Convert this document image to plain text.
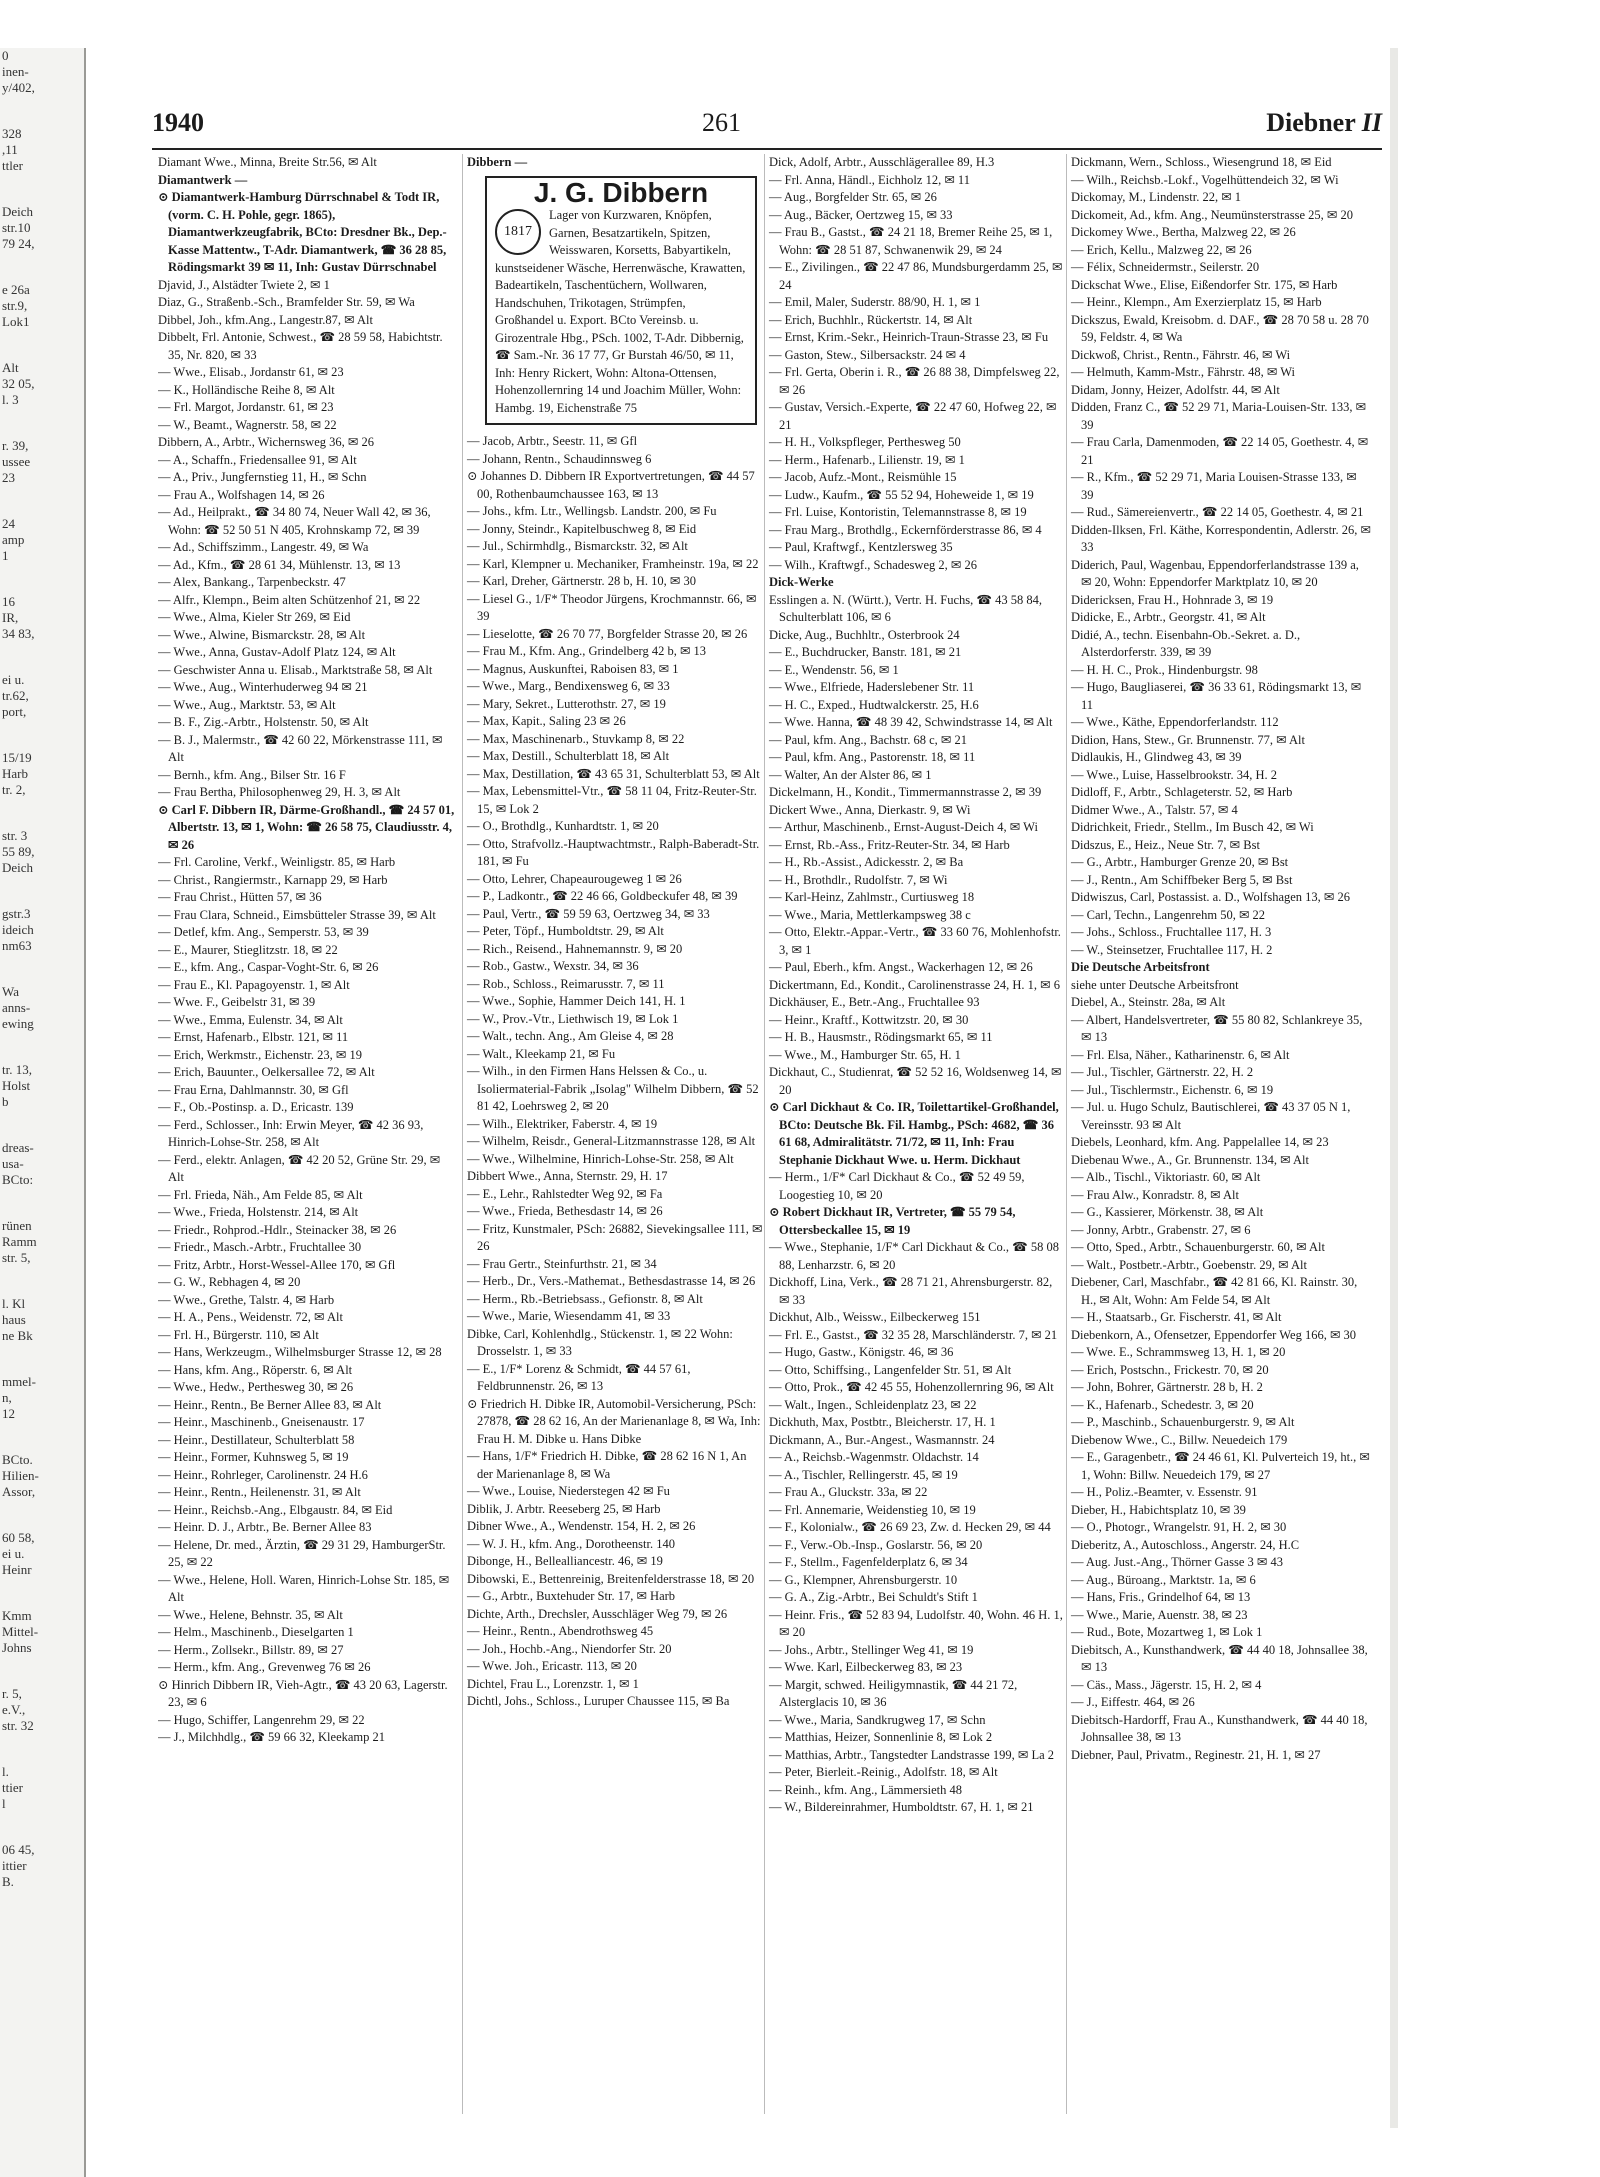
0
inen-
y/402,
328
,11
ttler
Deich
str.10
79 24,
e 26a
str.9,
Lok1
Alt
32 05,
l. 3
r. 39,
ussee
23
24
amp
1
16
IR,
34 83,
ei u.
tr.62,
port,
15/19
Harb
tr. 2,
str. 3
55 89,
Deich
gstr.3
ideich
nm63
Wa
anns-
ewing
tr. 13,
Holst
b
dreas-
usa-
BCto:
rünen
Ramm
str. 5,
l. Kl
haus
ne Bk
mmel-
n,
12
BCto.
Hilien-
Assor,
60 58,
ei u.
Heinr
Kmm
Mittel-
Johns
r. 5,
e.V.,
str. 32
l.
ttier
l
06 45,
ittier
B.
1940	261	Diebner II

Diamant Wwe., Minna, Breite Str.56, ✉ Alt

Diamantwerk —

⊙ Diamantwerk-Hamburg Dürrschnabel & Todt IR, (vorm. C. H. Pohle, gegr. 1865), Diamantwerkzeugfabrik, BCto: Dresdner Bk., Dep.-Kasse Mattentw., T-Adr. Diamantwerk, ☎ 36 28 85, Rödingsmarkt 39 ✉ 11, Inh: Gustav Dürrschnabel

Djavid, J., Alstädter Twiete 2, ✉ 1

Diaz, G., Straßenb.-Sch., Bramfelder Str. 59, ✉ Wa

Dibbel, Joh., kfm.Ang., Langestr.87, ✉ Alt

Dibbelt, Frl. Antonie, Schwest., ☎ 28 59 58, Habichtstr. 35, Nr. 820, ✉ 33

— Wwe., Elisab., Jordanstr 61, ✉ 23

— K., Holländische Reihe 8, ✉ Alt

— Frl. Margot, Jordanstr. 61, ✉ 23

— W., Beamt., Wagnerstr. 58, ✉ 22

Dibbern, A., Arbtr., Wichernsweg 36, ✉ 26

— A., Schaffn., Friedensallee 91, ✉ Alt

— A., Priv., Jungfernstieg 11, H., ✉ Schn

— Frau A., Wolfshagen 14, ✉ 26

— Ad., Heilprakt., ☎ 34 80 74, Neuer Wall 42, ✉ 36, Wohn: ☎ 52 50 51 N 405, Krohnskamp 72, ✉ 39

— Ad., Schiffszimm., Langestr. 49, ✉ Wa

— Ad., Kfm., ☎ 28 61 34, Mühlenstr. 13, ✉ 13

— Alex, Bankang., Tarpenbeckstr. 47

— Alfr., Klempn., Beim alten Schützenhof 21, ✉ 22

— Wwe., Alma, Kieler Str 269, ✉ Eid

— Wwe., Alwine, Bismarckstr. 28, ✉ Alt

— Wwe., Anna, Gustav-Adolf Platz 124, ✉ Alt

— Geschwister Anna u. Elisab., Marktstraße 58, ✉ Alt

— Wwe., Aug., Winterhuderweg 94 ✉ 21

— Wwe., Aug., Marktstr. 53, ✉ Alt

— B. F., Zig.-Arbtr., Holstenstr. 50, ✉ Alt

— B. J., Malermstr., ☎ 42 60 22, Mörkenstrasse 111, ✉ Alt

— Bernh., kfm. Ang., Bilser Str. 16 F

— Frau Bertha, Philosophenweg 29, H. 3, ✉ Alt

⊙ Carl F. Dibbern IR, Därme-Großhandl., ☎ 24 57 01, Albertstr. 13, ✉ 1, Wohn: ☎ 26 58 75, Claudiusstr. 4, ✉ 26

— Frl. Caroline, Verkf., Weinligstr. 85, ✉ Harb

— Christ., Rangiermstr., Karnapp 29, ✉ Harb

— Frau Christ., Hütten 57, ✉ 36

— Frau Clara, Schneid., Eimsbütteler Strasse 39, ✉ Alt

— Detlef, kfm. Ang., Semperstr. 53, ✉ 39

— E., Maurer, Stieglitzstr. 18, ✉ 22

— E., kfm. Ang., Caspar-Voght-Str. 6, ✉ 26

— Frau E., Kl. Papagoyenstr. 1, ✉ Alt

— Wwe. F., Geibelstr 31, ✉ 39

— Wwe., Emma, Eulenstr. 34, ✉ Alt

— Ernst, Hafenarb., Elbstr. 121, ✉ 11

— Erich, Werkmstr., Eichenstr. 23, ✉ 19

— Erich, Bauunter., Oelkersallee 72, ✉ Alt

— Frau Erna, Dahlmannstr. 30, ✉ Gfl

— F., Ob.-Postinsp. a. D., Ericastr. 139

— Ferd., Schlosser., Inh: Erwin Meyer, ☎ 42 36 93, Hinrich-Lohse-Str. 258, ✉ Alt

— Ferd., elektr. Anlagen, ☎ 42 20 52, Grüne Str. 29, ✉ Alt

— Frl. Frieda, Näh., Am Felde 85, ✉ Alt

— Wwe., Frieda, Holstenstr. 214, ✉ Alt

— Friedr., Rohprod.-Hdlr., Steinacker 38, ✉ 26

— Friedr., Masch.-Arbtr., Fruchtallee 30

— Fritz, Arbtr., Horst-Wessel-Allee 170, ✉ Gfl

— G. W., Rebhagen 4, ✉ 20

— Wwe., Grethe, Talstr. 4, ✉ Harb

— H. A., Pens., Weidenstr. 72, ✉ Alt

— Frl. H., Bürgerstr. 110, ✉ Alt

— Hans, Werkzeugm., Wilhelmsburger Strasse 12, ✉ 28

— Hans, kfm. Ang., Röperstr. 6, ✉ Alt

— Wwe., Hedw., Perthesweg 30, ✉ 26

— Heinr., Rentn., Be Berner Allee 83, ✉ Alt

— Heinr., Maschinenb., Gneisenaustr. 17

— Heinr., Destillateur, Schulterblatt 58

— Heinr., Former, Kuhnsweg 5, ✉ 19

— Heinr., Rohrleger, Carolinenstr. 24 H.6

— Heinr., Rentn., Heilenenstr. 31, ✉ Alt

— Heinr., Reichsb.-Ang., Elbgaustr. 84, ✉ Eid

— Heinr. D. J., Arbtr., Be. Berner Allee 83

— Helene, Dr. med., Ärztin, ☎ 29 31 29, HamburgerStr. 25, ✉ 22

— Wwe., Helene, Holl. Waren, Hinrich-Lohse Str. 185, ✉ Alt

— Wwe., Helene, Behnstr. 35, ✉ Alt

— Helm., Maschinenb., Dieselgarten 1

— Herm., Zollsekr., Billstr. 89, ✉ 27

— Herm., kfm. Ang., Grevenweg 76 ✉ 26

⊙ Hinrich Dibbern IR, Vieh-Agtr., ☎ 43 20 63, Lagerstr. 23, ✉ 6

— Hugo, Schiffer, Langenrehm 29, ✉ 22

— J., Milchhdlg., ☎ 59 66 32, Kleekamp 21

Dibbern —

J. G. Dibbern
1817

Lager von Kurzwaren, Knöpfen, Garnen, Besatzartikeln, Spitzen, Weisswaren, Korsetts, Babyartikeln, kunstseidener Wäsche, Herrenwäsche, Krawatten, Badeartikeln, Taschentüchern, Wollwaren, Handschuhen, Trikotagen, Strümpfen, Großhandel u. Export. BCto Vereinsb. u. Girozentrale Hbg., PSch. 1002, T-Adr. Dibbernig, ☎ Sam.-Nr. 36 17 77, Gr Burstah 46/50, ✉ 11, Inh: Henry Rickert, Wohn: Altona-Ottensen, Hohenzollernring 14 und Joachim Müller, Wohn: Hambg. 19, Eichenstraße 75

— Jacob, Arbtr., Seestr. 11, ✉ Gfl

— Johann, Rentn., Schaudinnsweg 6

⊙ Johannes D. Dibbern IR Exportvertretungen, ☎ 44 57 00, Rothenbaumchaussee 163, ✉ 13

— Johs., kfm. Ltr., Wellingsb. Landstr. 200, ✉ Fu

— Jonny, Steindr., Kapitelbuschweg 8, ✉ Eid

— Jul., Schirmhdlg., Bismarckstr. 32, ✉ Alt

— Karl, Klempner u. Mechaniker, Framheinstr. 19a, ✉ 22

— Karl, Dreher, Gärtnerstr. 28 b, H. 10, ✉ 30

— Liesel G., 1/F* Theodor Jürgens, Krochmannstr. 66, ✉ 39

— Lieselotte, ☎ 26 70 77, Borgfelder Strasse 20, ✉ 26

— Frau M., Kfm. Ang., Grindelberg 42 b, ✉ 13

— Magnus, Auskunftei, Raboisen 83, ✉ 1

— Wwe., Marg., Bendixensweg 6, ✉ 33

— Mary, Sekret., Lutterothstr. 27, ✉ 19

— Max, Kapit., Saling 23 ✉ 26

— Max, Maschinenarb., Stuvkamp 8, ✉ 22

— Max, Destill., Schulterblatt 18, ✉ Alt

— Max, Destillation, ☎ 43 65 31, Schulterblatt 53, ✉ Alt

— Max, Lebensmittel-Vtr., ☎ 58 11 04, Fritz-Reuter-Str. 15, ✉ Lok 2

— O., Brothdlg., Kunhardtstr. 1, ✉ 20

— Otto, Strafvollz.-Hauptwachtmstr., Ralph-Baberadt-Str. 181, ✉ Fu

— Otto, Lehrer, Chapeaurougeweg 1 ✉ 26

— P., Ladkontr., ☎ 22 46 66, Goldbeckufer 48, ✉ 39

— Paul, Vertr., ☎ 59 59 63, Oertzweg 34, ✉ 33

— Peter, Töpf., Humboldtstr. 29, ✉ Alt

— Rich., Reisend., Hahnemannstr. 9, ✉ 20

— Rob., Gastw., Wexstr. 34, ✉ 36

— Rob., Schloss., Reimarusstr. 7, ✉ 11

— Wwe., Sophie, Hammer Deich 141, H. 1

— W., Prov.-Vtr., Liethwisch 19, ✉ Lok 1

— Walt., techn. Ang., Am Gleise 4, ✉ 28

— Walt., Kleekamp 21, ✉ Fu

— Wilh., in den Firmen Hans Helssen & Co., u. Isoliermaterial-Fabrik „Isolag" Wilhelm Dibbern, ☎ 52 81 42, Loehrsweg 2, ✉ 20

— Wilh., Elektriker, Faberstr. 4, ✉ 19

— Wilhelm, Reisdr., General-Litzmannstrasse 128, ✉ Alt

— Wwe., Wilhelmine, Hinrich-Lohse-Str. 258, ✉ Alt

Dibbert Wwe., Anna, Sternstr. 29, H. 17

— E., Lehr., Rahlstedter Weg 92, ✉ Fa

— Wwe., Frieda, Bethesdastr 14, ✉ 26

— Fritz, Kunstmaler, PSch: 26882, Sievekingsallee 111, ✉ 26

— Frau Gertr., Steinfurthstr. 21, ✉ 34

— Herb., Dr., Vers.-Mathemat., Bethesdastrasse 14, ✉ 26

— Herm., Rb.-Betriebsass., Gefionstr. 8, ✉ Alt

— Wwe., Marie, Wiesendamm 41, ✉ 33

Dibke, Carl, Kohlenhdlg., Stückenstr. 1, ✉ 22 Wohn: Drosselstr. 1, ✉ 33

— E., 1/F* Lorenz & Schmidt, ☎ 44 57 61, Feldbrunnenstr. 26, ✉ 13

⊙ Friedrich H. Dibke IR, Automobil-Versicherung, PSch: 27878, ☎ 28 62 16, An der Marienanlage 8, ✉ Wa, Inh: Frau H. M. Dibke u. Hans Dibke

— Hans, 1/F* Friedrich H. Dibke, ☎ 28 62 16 N 1, An der Marienanlage 8, ✉ Wa

— Wwe., Louise, Niederstegen 42 ✉ Fu

Diblik, J. Arbtr. Reeseberg 25, ✉ Harb

Dibner Wwe., A., Wendenstr. 154, H. 2, ✉ 26

— W. J. H., kfm. Ang., Dorotheenstr. 140

Dibonge, H., Bellealliancestr. 46, ✉ 19

Dibowski, E., Bettenreinig, Breitenfelderstrasse 18, ✉ 20

— G., Arbtr., Buxtehuder Str. 17, ✉ Harb

Dichte, Arth., Drechsler, Ausschläger Weg 79, ✉ 26

— Heinr., Rentn., Abendrothsweg 45

— Joh., Hochb.-Ang., Niendorfer Str. 20

— Wwe. Joh., Ericastr. 113, ✉ 20

Dichtel, Frau L., Lorenzstr. 1, ✉ 1

Dichtl, Johs., Schloss., Luruper Chaussee 115, ✉ Ba

Dick, Adolf, Arbtr., Ausschlägerallee 89, H.3

— Frl. Anna, Händl., Eichholz 12, ✉ 11

— Aug., Borgfelder Str. 65, ✉ 26

— Aug., Bäcker, Oertzweg 15, ✉ 33

— Frau B., Gastst., ☎ 24 21 18, Bremer Reihe 25, ✉ 1, Wohn: ☎ 28 51 87, Schwanenwik 29, ✉ 24

— E., Zivilingen., ☎ 22 47 86, Mundsburgerdamm 25, ✉ 24

— Emil, Maler, Suderstr. 88/90, H. 1, ✉ 1

— Erich, Buchhlr., Rückertstr. 14, ✉ Alt

— Ernst, Krim.-Sekr., Heinrich-Traun-Strasse 23, ✉ Fu

— Gaston, Stew., Silbersackstr. 24 ✉ 4

— Frl. Gerta, Oberin i. R., ☎ 26 88 38, Dimpfelsweg 22, ✉ 26

— Gustav, Versich.-Experte, ☎ 22 47 60, Hofweg 22, ✉ 21

— H. H., Volkspfleger, Perthesweg 50

— Herm., Hafenarb., Lilienstr. 19, ✉ 1

— Jacob, Aufz.-Mont., Reismühle 15

— Ludw., Kaufm., ☎ 55 52 94, Hoheweide 1, ✉ 19

— Frl. Luise, Kontoristin, Telemannstrasse 8, ✉ 19

— Frau Marg., Brothdlg., Eckernförderstrasse 86, ✉ 4

— Paul, Kraftwgf., Kentzlersweg 35

— Wilh., Kraftwgf., Schadesweg 2, ✉ 26

Dick-Werke

Esslingen a. N. (Württ.), Vertr. H. Fuchs, ☎ 43 58 84, Schulterblatt 106, ✉ 6

Dicke, Aug., Buchhltr., Osterbrook 24

— E., Buchdrucker, Banstr. 181, ✉ 21

— E., Wendenstr. 56, ✉ 1

— Wwe., Elfriede, Haderslebener Str. 11

— H. C., Exped., Hudtwalckerstr. 25, H.6

— Wwe. Hanna, ☎ 48 39 42, Schwindstrasse 14, ✉ Alt

— Paul, kfm. Ang., Bachstr. 68 c, ✉ 21

— Paul, kfm. Ang., Pastorenstr. 18, ✉ 11

— Walter, An der Alster 86, ✉ 1

Dickelmann, H., Kondit., Timmermannstrasse 2, ✉ 39

Dickert Wwe., Anna, Dierkastr. 9, ✉ Wi

— Arthur, Maschinenb., Ernst-August-Deich 4, ✉ Wi

— Ernst, Rb.-Ass., Fritz-Reuter-Str. 34, ✉ Harb

— H., Rb.-Assist., Adickesstr. 2, ✉ Ba

— H., Brothdlr., Rudolfstr. 7, ✉ Wi

— Karl-Heinz, Zahlmstr., Curtiusweg 18

— Wwe., Maria, Mettlerkampsweg 38 c

— Otto, Elektr.-Appar.-Vertr., ☎ 33 60 76, Mohlenhofstr. 3, ✉ 1

— Paul, Eberh., kfm. Angst., Wackerhagen 12, ✉ 26

Dickertmann, Ed., Kondit., Carolinenstrasse 24, H. 1, ✉ 6

Dickhäuser, E., Betr.-Ang., Fruchtallee 93

— Heinr., Kraftf., Kottwitzstr. 20, ✉ 30

— H. B., Hausmstr., Rödingsmarkt 65, ✉ 11

— Wwe., M., Hamburger Str. 65, H. 1

Dickhaut, C., Studienrat, ☎ 52 52 16, Woldsenweg 14, ✉ 20

⊙ Carl Dickhaut & Co. IR, Toilettartikel-Großhandel, BCto: Deutsche Bk. Fil. Hambg., PSch: 4682, ☎ 36 61 68, Admiralitätstr. 71/72, ✉ 11, Inh: Frau Stephanie Dickhaut Wwe. u. Herm. Dickhaut

— Herm., 1/F* Carl Dickhaut & Co., ☎ 52 49 59, Loogestieg 10, ✉ 20

⊙ Robert Dickhaut IR, Vertreter, ☎ 55 79 54, Ottersbeckallee 15, ✉ 19

— Wwe., Stephanie, 1/F* Carl Dickhaut & Co., ☎ 58 08 88, Lenharzstr. 6, ✉ 20

Dickhoff, Lina, Verk., ☎ 28 71 21, Ahrensburgerstr. 82, ✉ 33

Dickhut, Alb., Weissw., Eilbeckerweg 151

— Frl. E., Gastst., ☎ 32 35 28, Marschländerstr. 7, ✉ 21

— Hugo, Gastw., Königstr. 46, ✉ 36

— Otto, Schiffsing., Langenfelder Str. 51, ✉ Alt

— Otto, Prok., ☎ 42 45 55, Hohenzollernring 96, ✉ Alt

— Walt., Ingen., Schleidenplatz 23, ✉ 22

Dickhuth, Max, Postbtr., Bleicherstr. 17, H. 1

Dickmann, A., Bur.-Angest., Wasmannstr. 24

— A., Reichsb.-Wagenmstr. Oldachstr. 14

— A., Tischler, Rellingerstr. 45, ✉ 19

— Frau A., Gluckstr. 33a, ✉ 22

— Frl. Annemarie, Weidenstieg 10, ✉ 19

— F., Kolonialw., ☎ 26 69 23, Zw. d. Hecken 29, ✉ 44

— F., Verw.-Ob.-Insp., Goslarstr. 56, ✉ 20

— F., Stellm., Fagenfelderplatz 6, ✉ 34

— G., Klempner, Ahrensburgerstr. 10

— G. A., Zig.-Arbtr., Bei Schuldt's Stift 1

— Heinr. Fris., ☎ 52 83 94, Ludolfstr. 40, Wohn. 46 H. 1, ✉ 20

— Johs., Arbtr., Stellinger Weg 41, ✉ 19

— Wwe. Karl, Eilbeckerweg 83, ✉ 23

— Margit, schwed. Heiligymnastik, ☎ 44 21 72, Alsterglacis 10, ✉ 36

— Wwe., Maria, Sandkrugweg 17, ✉ Schn

— Matthias, Heizer, Sonnenlinie 8, ✉ Lok 2

— Matthias, Arbtr., Tangstedter Landstrasse 199, ✉ La 2

— Peter, Bierleit.-Reinig., Adolfstr. 18, ✉ Alt

— Reinh., kfm. Ang., Lämmersieth 48

— W., Bildereinrahmer, Humboldtstr. 67, H. 1, ✉ 21

Dickmann, Wern., Schloss., Wiesengrund 18, ✉ Eid

— Wilh., Reichsb.-Lokf., Vogelhüttendeich 32, ✉ Wi

Dickomay, M., Lindenstr. 22, ✉ 1

Dickomeit, Ad., kfm. Ang., Neumünsterstrasse 25, ✉ 20

Dickomey Wwe., Bertha, Malzweg 22, ✉ 26

— Erich, Kellu., Malzweg 22, ✉ 26

— Félix, Schneidermstr., Seilerstr. 20

Dickschat Wwe., Elise, Eißendorfer Str. 175, ✉ Harb

— Heinr., Klempn., Am Exerzierplatz 15, ✉ Harb

Dickszus, Ewald, Kreisobm. d. DAF., ☎ 28 70 58 u. 28 70 59, Feldstr. 4, ✉ Wa

Dickwoß, Christ., Rentn., Fährstr. 46, ✉ Wi

— Helmuth, Kamm-Mstr., Fährstr. 48, ✉ Wi

Didam, Jonny, Heizer, Adolfstr. 44, ✉ Alt

Didden, Franz C., ☎ 52 29 71, Maria-Louisen-Str. 133, ✉ 39

— Frau Carla, Damenmoden, ☎ 22 14 05, Goethestr. 4, ✉ 21

— R., Kfm., ☎ 52 29 71, Maria Louisen-Strasse 133, ✉ 39

— Rud., Sämereienvertr., ☎ 22 14 05, Goethestr. 4, ✉ 21

Didden-Ilksen, Frl. Käthe, Korrespondentin, Adlerstr. 26, ✉ 33

Diderich, Paul, Wagenbau, Eppendorferlandstrasse 139 a, ✉ 20, Wohn: Eppendorfer Marktplatz 10, ✉ 20

Didericksen, Frau H., Hohnrade 3, ✉ 19

Didicke, E., Arbtr., Georgstr. 41, ✉ Alt

Didié, A., techn. Eisenbahn-Ob.-Sekret. a. D., Alsterdorferstr. 339, ✉ 39

— H. H. C., Prok., Hindenburgstr. 98

— Hugo, Baugliaserei, ☎ 36 33 61, Rödingsmarkt 13, ✉ 11

— Wwe., Käthe, Eppendorferlandstr. 112

Didion, Hans, Stew., Gr. Brunnenstr. 77, ✉ Alt

Didlaukis, H., Glindweg 43, ✉ 39

— Wwe., Luise, Hasselbrookstr. 34, H. 2

Didloff, F., Arbtr., Schlageterstr. 52, ✉ Harb

Didmer Wwe., A., Talstr. 57, ✉ 4

Didrichkeit, Friedr., Stellm., Im Busch 42, ✉ Wi

Didszus, E., Heiz., Neue Str. 7, ✉ Bst

— G., Arbtr., Hamburger Grenze 20, ✉ Bst

— J., Rentn., Am Schiffbeker Berg 5, ✉ Bst

Didwiszus, Carl, Postassist. a. D., Wolfshagen 13, ✉ 26

— Carl, Techn., Langenrehm 50, ✉ 22

— Johs., Schloss., Fruchtallee 117, H. 3

— W., Steinsetzer, Fruchtallee 117, H. 2

Die Deutsche Arbeitsfront

siehe unter Deutsche Arbeitsfront

Diebel, A., Steinstr. 28a, ✉ Alt

— Albert, Handelsvertreter, ☎ 55 80 82, Schlankreye 35, ✉ 13

— Frl. Elsa, Näher., Katharinenstr. 6, ✉ Alt

— Jul., Tischler, Gärtnerstr. 22, H. 2

— Jul., Tischlermstr., Eichenstr. 6, ✉ 19

— Jul. u. Hugo Schulz, Bautischlerei, ☎ 43 37 05 N 1, Vereinsstr. 93 ✉ Alt

Diebels, Leonhard, kfm. Ang. Pappelallee 14, ✉ 23

Diebenau Wwe., A., Gr. Brunnenstr. 134, ✉ Alt

— Alb., Tischl., Viktoriastr. 60, ✉ Alt

— Frau Alw., Konradstr. 8, ✉ Alt

— G., Kassierer, Mörkenstr. 38, ✉ Alt

— Jonny, Arbtr., Grabenstr. 27, ✉ 6

— Otto, Sped., Arbtr., Schauenburgerstr. 60, ✉ Alt

— Walt., Postbetr.-Arbtr., Goebenstr. 29, ✉ Alt

Diebener, Carl, Maschfabr., ☎ 42 81 66, Kl. Rainstr. 30, H., ✉ Alt, Wohn: Am Felde 54, ✉ Alt

— H., Staatsarb., Gr. Fischerstr. 41, ✉ Alt

Diebenkorn, A., Ofensetzer, Eppendorfer Weg 166, ✉ 30

— Wwe. E., Schrammsweg 13, H. 1, ✉ 20

— Erich, Postschn., Frickestr. 70, ✉ 20

— John, Bohrer, Gärtnerstr. 28 b, H. 2

— K., Hafenarb., Schedestr. 3, ✉ 20

— P., Maschinb., Schauenburgerstr. 9, ✉ Alt

Diebenow Wwe., C., Billw. Neuedeich 179

— E., Garagenbetr., ☎ 24 46 61, Kl. Pulverteich 19, ht., ✉ 1, Wohn: Billw. Neuedeich 179, ✉ 27

— H., Poliz.-Beamter, v. Essenstr. 91

Dieber, H., Habichtsplatz 10, ✉ 39

— O., Photogr., Wrangelstr. 91, H. 2, ✉ 30

Dieberitz, A., Autoschloss., Angerstr. 24, H.C

— Aug. Just.-Ang., Thörner Gasse 3 ✉ 43

— Aug., Büroang., Marktstr. 1a, ✉ 6

— Hans, Fris., Grindelhof 64, ✉ 13

— Wwe., Marie, Auenstr. 38, ✉ 23

— Rud., Bote, Mozartweg 1, ✉ Lok 1

Diebitsch, A., Kunsthandwerk, ☎ 44 40 18, Johnsallee 38, ✉ 13

— Cäs., Mass., Jägerstr. 15, H. 2, ✉ 4

— J., Eiffestr. 464, ✉ 26

Diebitsch-Hardorff, Frau A., Kunsthandwerk, ☎ 44 40 18, Johnsallee 38, ✉ 13

Diebner, Paul, Privatm., Reginestr. 21, H. 1, ✉ 27
